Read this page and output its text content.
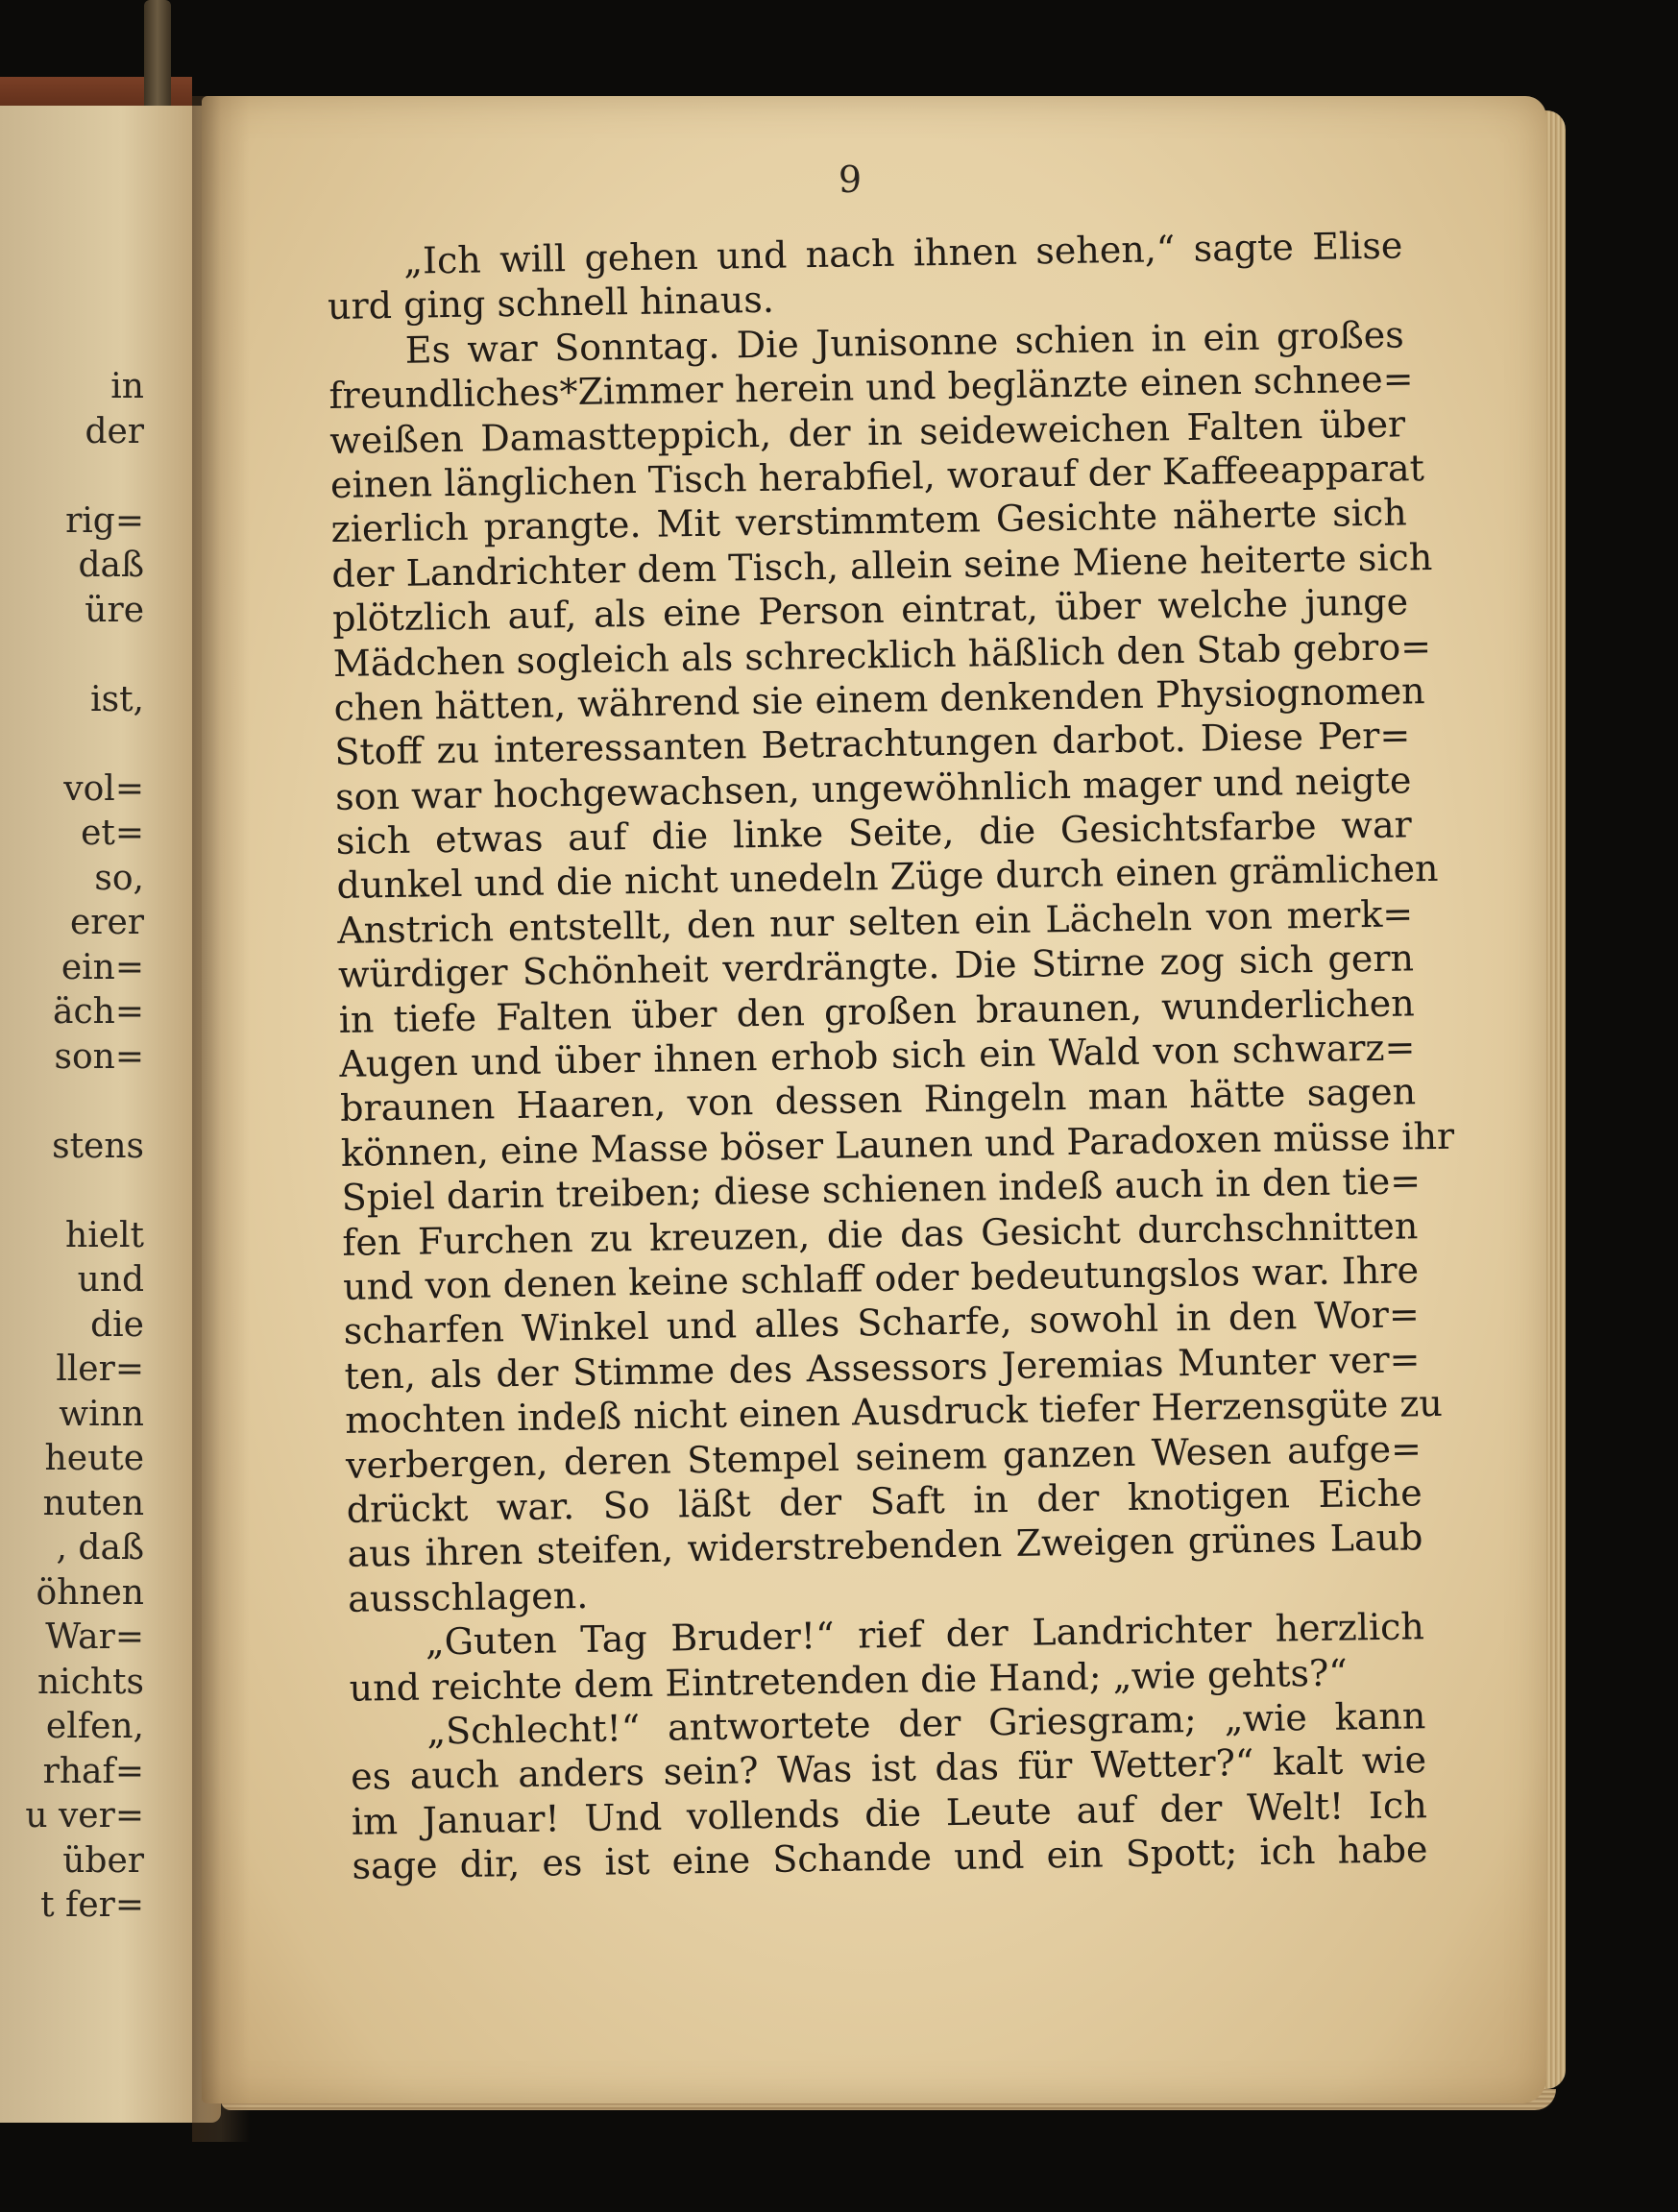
in
der
rig=
daß
üre
ist,
vol=
et=
so,
erer
ein=
äch=
son=
stens
hielt
und
die
ller=
winn
heute
nuten
, daß
öhnen
War=
nichts
elfen,
rhaf=
u ver=
über
t fer=
9
„Ich will gehen und nach ihnen sehen,“ sagte Elise
urd ging schnell hinaus.
Es war Sonntag. Die Junisonne schien in ein großes
freundliches*Zimmer herein und beglänzte einen schnee=
weißen Damastteppich, der in seideweichen Falten über
einen länglichen Tisch herabfiel, worauf der Kaffeeapparat
zierlich prangte. Mit verstimmtem Gesichte näherte sich
der Landrichter dem Tisch, allein seine Miene heiterte sich
plötzlich auf, als eine Person eintrat, über welche junge
Mädchen sogleich als schrecklich häßlich den Stab gebro=
chen hätten, während sie einem denkenden Physiognomen
Stoff zu interessanten Betrachtungen darbot. Diese Per=
son war hochgewachsen, ungewöhnlich mager und neigte
sich etwas auf die linke Seite, die Gesichtsfarbe war
dunkel und die nicht unedeln Züge durch einen grämlichen
Anstrich entstellt, den nur selten ein Lächeln von merk=
würdiger Schönheit verdrängte. Die Stirne zog sich gern
in tiefe Falten über den großen braunen, wunderlichen
Augen und über ihnen erhob sich ein Wald von schwarz=
braunen Haaren, von dessen Ringeln man hätte sagen
können, eine Masse böser Launen und Paradoxen müsse ihr
Spiel darin treiben; diese schienen indeß auch in den tie=
fen Furchen zu kreuzen, die das Gesicht durchschnitten
und von denen keine schlaff oder bedeutungslos war. Ihre
scharfen Winkel und alles Scharfe, sowohl in den Wor=
ten, als der Stimme des Assessors Jeremias Munter ver=
mochten indeß nicht einen Ausdruck tiefer Herzensgüte zu
verbergen, deren Stempel seinem ganzen Wesen aufge=
drückt war. So läßt der Saft in der knotigen Eiche
aus ihren steifen, widerstrebenden Zweigen grünes Laub
ausschlagen.
„Guten Tag Bruder!“ rief der Landrichter herzlich
und reichte dem Eintretenden die Hand; „wie gehts?“
„Schlecht!“ antwortete der Griesgram; „wie kann
es auch anders sein? Was ist das für Wetter?“ kalt wie
im Januar! Und vollends die Leute auf der Welt! Ich
sage dir, es ist eine Schande und ein Spott; ich habe
